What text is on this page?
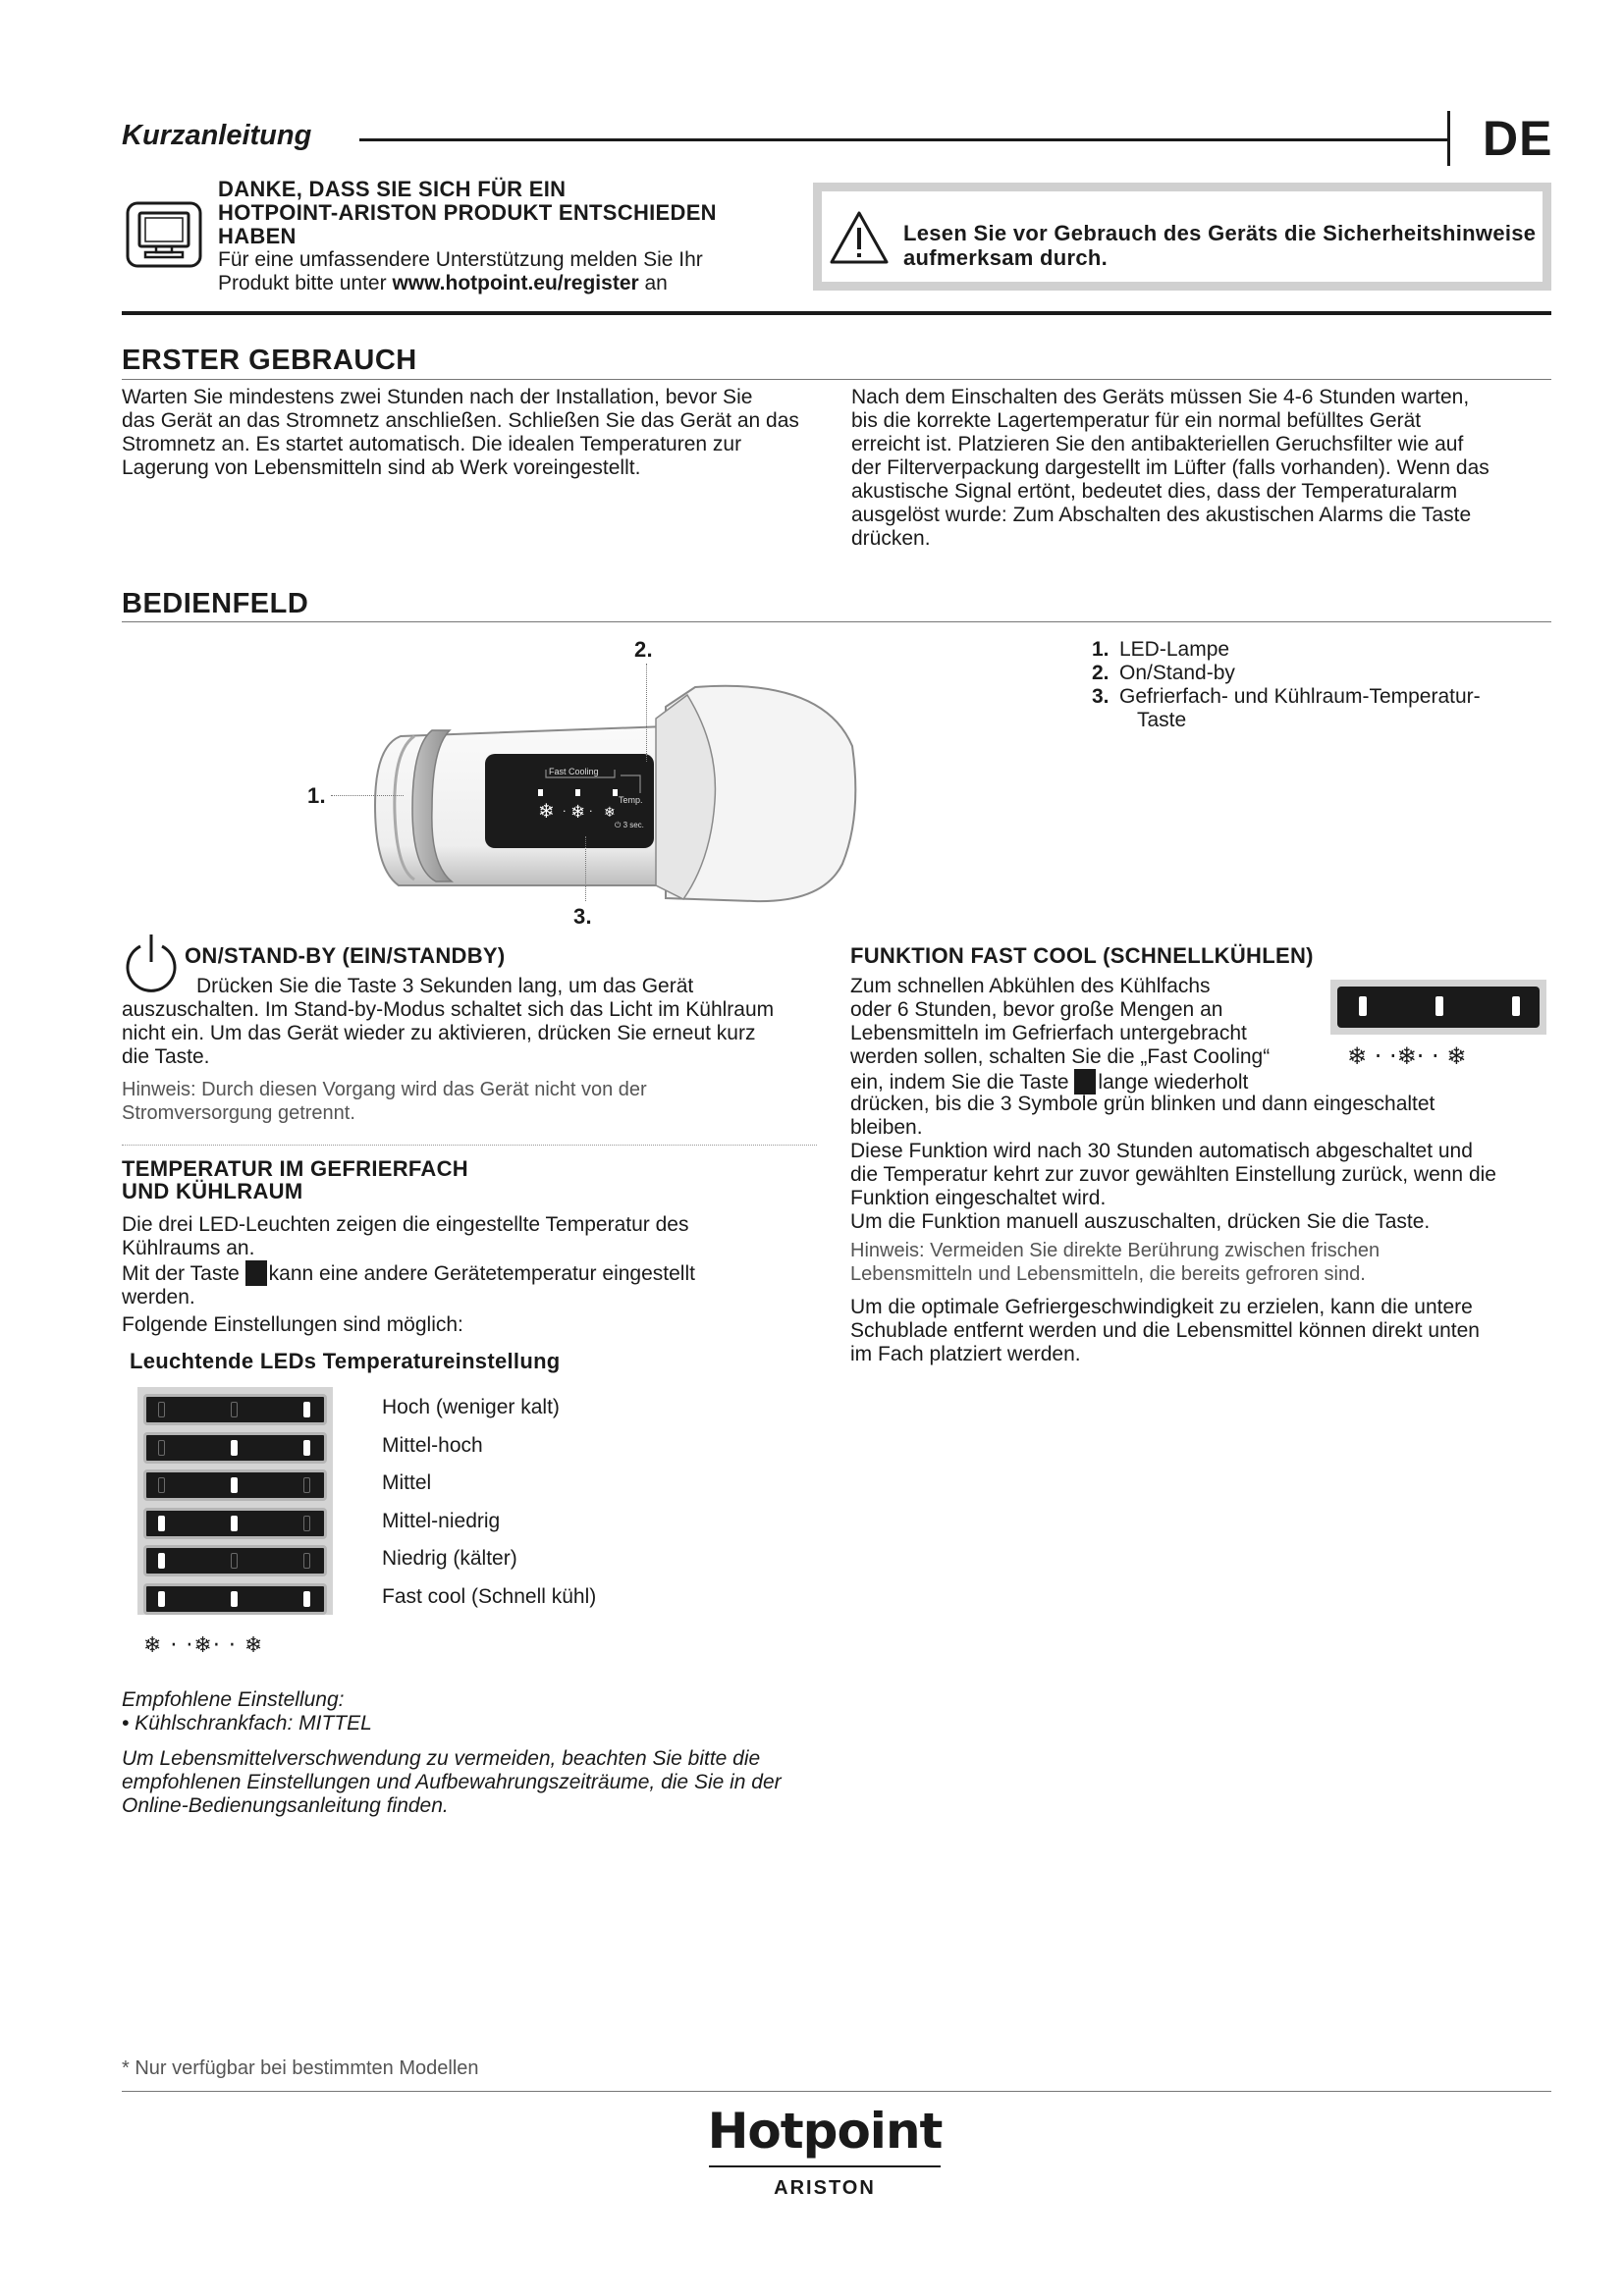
Kurzanleitung	DE
DANKE, DASS SIE SICH FÜR EIN
HOTPOINT-ARISTON PRODUKT ENTSCHIEDEN
HABEN
Für eine umfassendere Unterstützung melden Sie Ihr
Produkt bitte unter www.hotpoint.eu/register an
Lesen Sie vor Gebrauch des Geräts die Sicherheitshinweise
aufmerksam durch.
ERSTER GEBRAUCH
Warten Sie mindestens zwei Stunden nach der Installation, bevor Sie
das Gerät an das Stromnetz anschließen. Schließen Sie das Gerät an das
Stromnetz an. Es startet automatisch. Die idealen Temperaturen zur
Lagerung von Lebensmitteln sind ab Werk voreingestellt.
Nach dem Einschalten des Geräts müssen Sie 4-6 Stunden warten,
bis die korrekte Lagertemperatur für ein normal befülltes Gerät
erreicht ist. Platzieren Sie den antibakteriellen Geruchsfilter wie auf
der Filterverpackung dargestellt im Lüfter (falls vorhanden). Wenn das
akustische Signal ertönt, bedeutet dies, dass der Temperaturalarm
ausgelöst wurde: Zum Abschalten des akustischen Alarms die Taste
drücken.
BEDIENFELD
❄ · ❄ · ❄
Fast Cooling
Temp.
⏻ 3 sec.
2.
1.
3.
1. LED-Lampe
2. On/Stand-by
3. Gefrierfach- und Kühlraum-Temperatur-
Taste
ON/STAND-BY (EIN/STANDBY)
Drücken Sie die Taste 3 Sekunden lang, um das Gerät
auszuschalten. Im Stand-by-Modus schaltet sich das Licht im Kühlraum
nicht ein. Um das Gerät wieder zu aktivieren, drücken Sie erneut kurz
die Taste.
Hinweis: Durch diesen Vorgang wird das Gerät nicht von der
Stromversorgung getrennt.
TEMPERATUR IM GEFRIERFACH
UND KÜHLRAUM
Die drei LED-Leuchten zeigen die eingestellte Temperatur des
Kühlraums an.
Mit der Taste kann eine andere Gerätetemperatur eingestellt
werden.
Folgende Einstellungen sind möglich:
Leuchtende LEDs Temperatureinstellung
Hoch (weniger kalt)
Mittel-hoch
Mittel
Mittel-niedrig
Niedrig (kälter)
Fast cool (Schnell kühl)
❄ · ·❄· · ❄
Empfohlene Einstellung:
• Kühlschrankfach: MITTEL
Um Lebensmittelverschwendung zu vermeiden, beachten Sie bitte die
empfohlenen Einstellungen und Aufbewahrungszeiträume, die Sie in der
Online-Bedienungsanleitung finden.
FUNKTION FAST COOL (SCHNELLKÜHLEN)
Zum schnellen Abkühlen des Kühlfachs
oder 6 Stunden, bevor große Mengen an
Lebensmitteln im Gefrierfach untergebracht
werden sollen, schalten Sie die „Fast Cooling“
ein, indem Sie die Taste lange wiederholt
drücken, bis die 3 Symbole grün blinken und dann eingeschaltet
bleiben.
Diese Funktion wird nach 30 Stunden automatisch abgeschaltet und
die Temperatur kehrt zur zuvor gewählten Einstellung zurück, wenn die
Funktion eingeschaltet wird.
Um die Funktion manuell auszuschalten, drücken Sie die Taste.
Hinweis: Vermeiden Sie direkte Berührung zwischen frischen
Lebensmitteln und Lebensmitteln, die bereits gefroren sind.
Um die optimale Gefriergeschwindigkeit zu erzielen, kann die untere
Schublade entfernt werden und die Lebensmittel können direkt unten
im Fach platziert werden.
❄ · ·❄· · ❄
* Nur verfügbar bei bestimmten Modellen
Hotpoint
ARISTON
